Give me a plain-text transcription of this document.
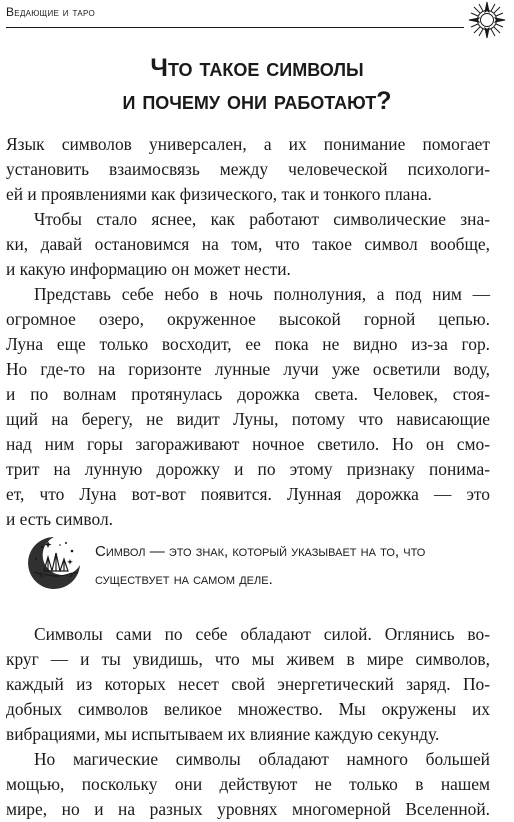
Ведающие и таро
Что такое символы
и почему они работают?
Язык символов универсален, а их понимание помогает
установить взаимосвязь между человеческой психологи-
ей и проявлениями как физического, так и тонкого плана.
Чтобы стало яснее, как работают символические зна-
ки, давай остановимся на том, что такое символ вообще,
и какую информацию он может нести.
Представь себе небо в ночь полнолуния, а под ним —
огромное озеро, окруженное высокой горной цепью.
Луна еще только восходит, ее пока не видно из-за гор.
Но где-то на горизонте лунные лучи уже осветили воду,
и по волнам протянулась дорожка света. Человек, стоя-
щий на берегу, не видит Луны, потому что нависающие
над ним горы загораживают ночное светило. Но он смо-
трит на лунную дорожку и по этому признаку понима-
ет, что Луна вот-вот появится. Лунная дорожка — это
и есть символ.
Символ — это знак, который указывает на то, что
существует на самом деле.
Символы сами по себе обладают силой. Оглянись во-
круг — и ты увидишь, что мы живем в мире символов,
каждый из которых несет свой энергетический заряд. По-
добных символов великое множество. Мы окружены их
вибрациями, мы испытываем их влияние каждую секунду.
Но магические символы обладают намного большей
мощью, поскольку они действуют не только в нашем
мире, но и на разных уровнях многомерной Вселенной.
